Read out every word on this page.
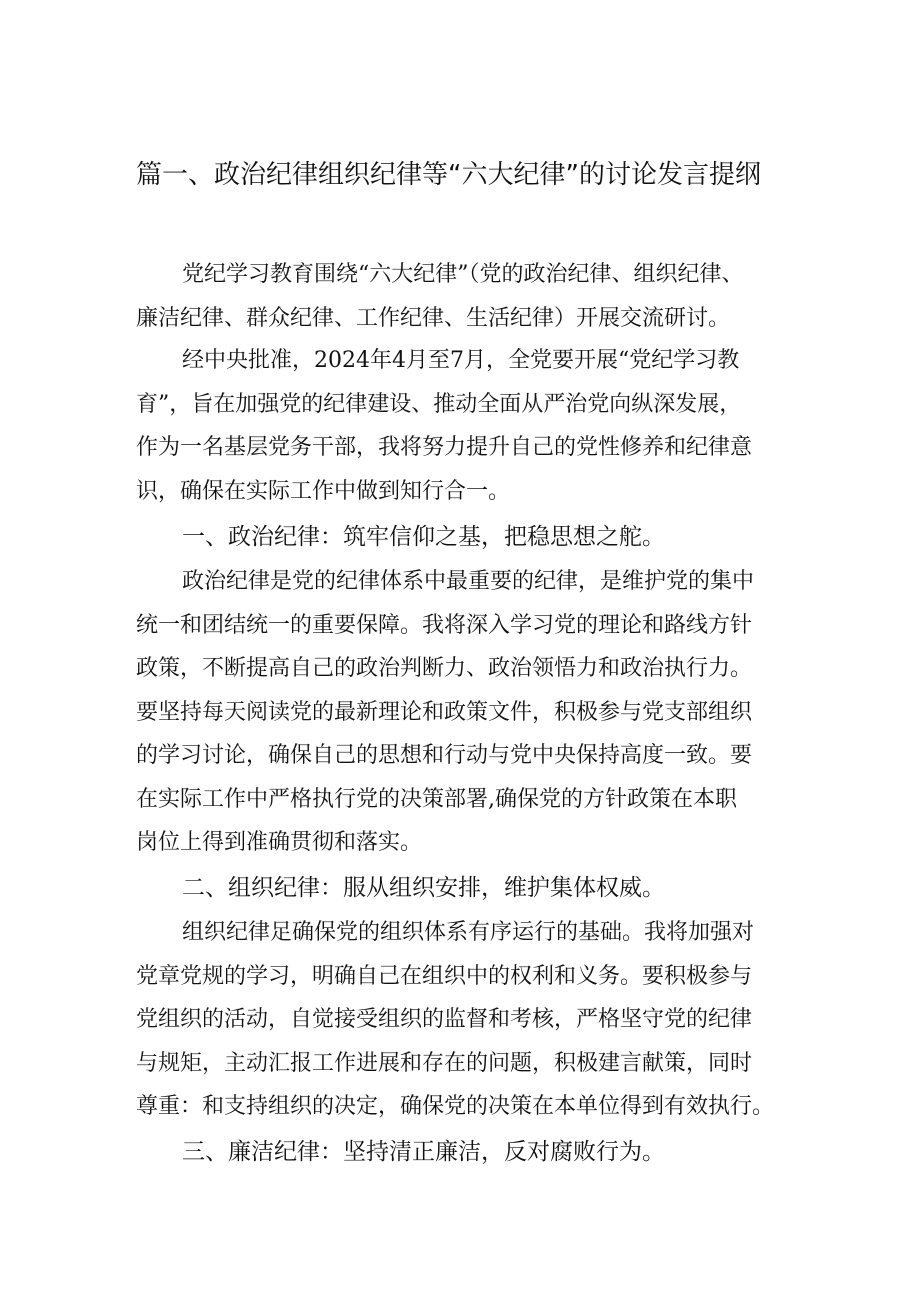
篇一、政治纪律组织纪律等“六大纪律”的讨论发言提纲
党纪学习教育围绕“六大纪律”（党的政治纪律、组织纪律、
廉洁纪律、群众纪律、工作纪律、生活纪律）开展交流研讨。
经中央批准，2024年4月至7月，全党要开展“党纪学习教
育”，旨在加强党的纪律建设、推动全面从严治党向纵深发展，
作为一名基层党务干部，我将努力提升自己的党性修养和纪律意
识，确保在实际工作中做到知行合一。
一、政治纪律：筑牢信仰之基，把稳思想之舵。
政治纪律是党的纪律体系中最重要的纪律，是维护党的集中
统一和团结统一的重要保障。我将深入学习党的理论和路线方针
政策，不断提高自己的政治判断力、政治领悟力和政治执行力。
要坚持每天阅读党的最新理论和政策文件，积极参与党支部组织
的学习讨论，确保自己的思想和行动与党中央保持高度一致。要
在实际工作中严格执行党的决策部署,确保党的方针政策在本职
岗位上得到准确贯彻和落实。
二、组织纪律：服从组织安排，维护集体权威。
组织纪律足确保党的组织体系有序运行的基础。我将加强对
党章党规的学习，明确自己在组织中的权利和义务。要积极参与
党组织的活动，自觉接受组织的监督和考核，严格坚守党的纪律
与规矩，主动汇报工作进展和存在的问题，积极建言献策，同时
尊重：和支持组织的决定，确保党的决策在本单位得到有效执行。
三、廉洁纪律：坚持清正廉洁，反对腐败行为。
